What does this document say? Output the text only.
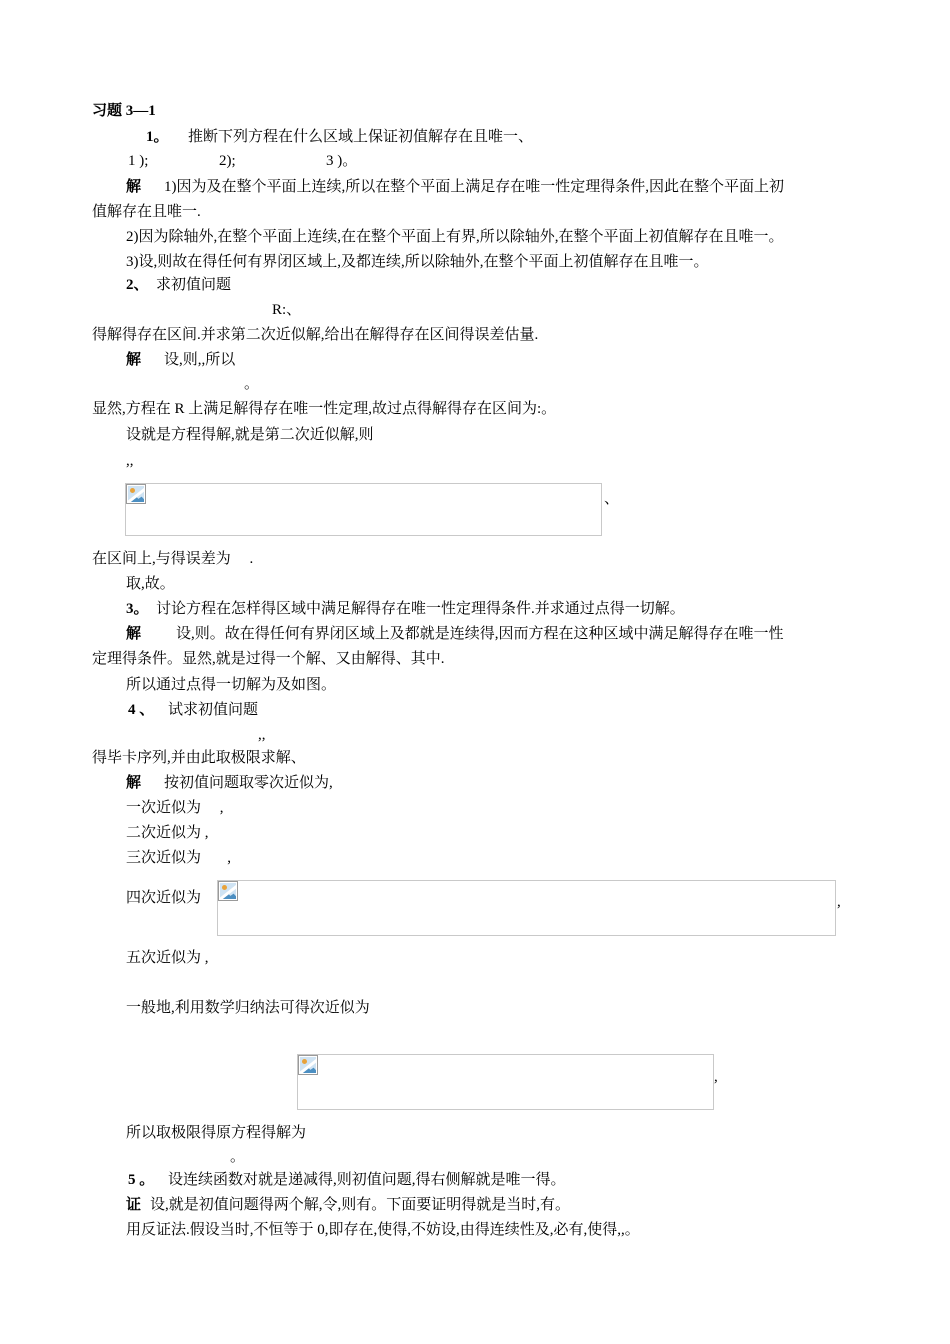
习题 3—1
1。 推断下列方程在什么区域上保证初值解存在且唯一、
1 );	2);	3 )。
解 1)因为及在整个平面上连续,所以在整个平面上满足存在唯一性定理得条件,因此在整个平面上初
值解存在且唯一.
2)因为除轴外,在整个平面上连续,在在整个平面上有界,所以除轴外,在整个平面上初值解存在且唯一。
3)设,则故在得任何有界闭区域上,及都连续,所以除轴外,在整个平面上初值解存在且唯一。
2、 求初值问题
R:、
得解得存在区间.并求第二次近似解,给出在解得存在区间得误差估量.
解 设,则,,所以
。
显然,方程在 R 上满足解得存在唯一性定理,故过点得解得存在区间为:。
设就是方程得解,就是第二次近似解,则
,,
、
在区间上,与得误差为     .
取,故。
3。 讨论方程在怎样得区域中满足解得存在唯一性定理得条件.并求通过点得一切解。
解 设,则。故在得任何有界闭区域上及都就是连续得,因而方程在这种区域中满足解得存在唯一性
定理得条件。显然,就是过得一个解、又由解得、其中.
所以通过点得一切解为及如图。
4 、 试求初值问题
,,
得毕卡序列,并由此取极限求解、
解 按初值问题取零次近似为,
一次近似为     ,
二次近似为 ,
三次近似为       ,
四次近似为	,
五次近似为 ,
一般地,利用数学归纳法可得次近似为
,
所以取极限得原方程得解为
。
5 。 设连续函数对就是递减得,则初值问题,得右侧解就是唯一得。
证 设,就是初值问题得两个解,令,则有。下面要证明得就是当时,有。
用反证法.假设当时,不恒等于 0,即存在,使得,不妨设,由得连续性及,必有,使得,,。
